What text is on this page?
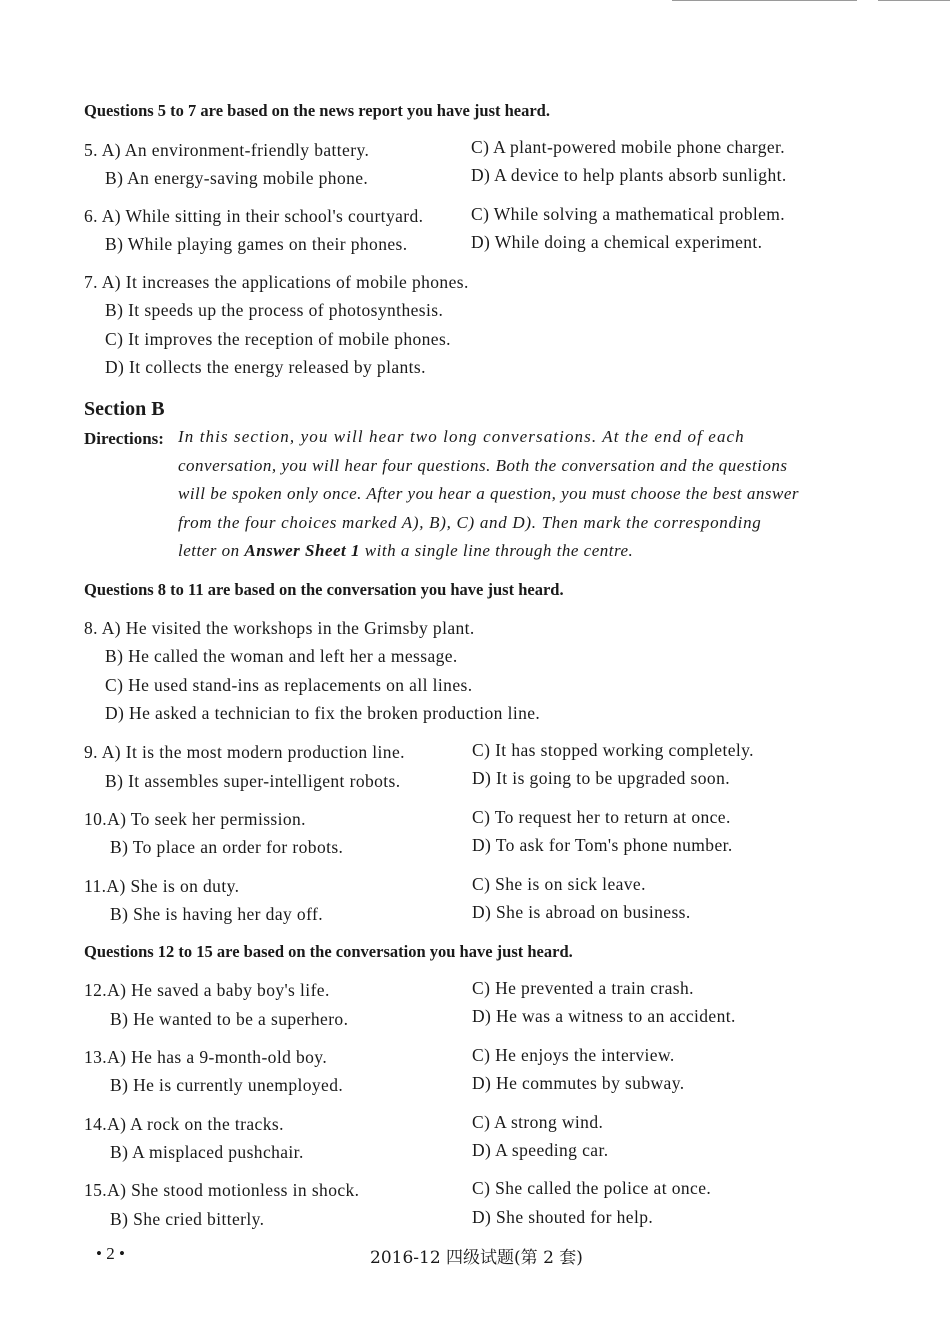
Questions 5 to 7 are based on the news report you have just heard.
5. A) An environment-friendly battery.	C) A plant-powered mobile phone charger.
B) An energy-saving mobile phone.	D) A device to help plants absorb sunlight.
6. A) While sitting in their school's courtyard.	C) While solving a mathematical problem.
B) While playing games on their phones.	D) While doing a chemical experiment.
7. A) It increases the applications of mobile phones.
B) It speeds up the process of photosynthesis.
C) It improves the reception of mobile phones.
D) It collects the energy released by plants.
Section B
Directions: In this section, you will hear two long conversations. At the end of each
conversation, you will hear four questions. Both the conversation and the questions
will be spoken only once. After you hear a question, you must choose the best answer
from the four choices marked A), B), C) and D). Then mark the corresponding
letter on Answer Sheet 1 with a single line through the centre.
Questions 8 to 11 are based on the conversation you have just heard.
8. A) He visited the workshops in the Grimsby plant.
B) He called the woman and left her a message.
C) He used stand-ins as replacements on all lines.
D) He asked a technician to fix the broken production line.
9. A) It is the most modern production line.	C) It has stopped working completely.
B) It assembles super-intelligent robots.	D) It is going to be upgraded soon.
10.A) To seek her permission.	C) To request her to return at once.
B) To place an order for robots.	D) To ask for Tom's phone number.
11.A) She is on duty.	C) She is on sick leave.
B) She is having her day off.	D) She is abroad on business.
Questions 12 to 15 are based on the conversation you have just heard.
12.A) He saved a baby boy's life.	C) He prevented a train crash.
B) He wanted to be a superhero.	D) He was a witness to an accident.
13.A) He has a 9-month-old boy.	C) He enjoys the interview.
B) He is currently unemployed.	D) He commutes by subway.
14.A) A rock on the tracks.	C) A strong wind.
B) A misplaced pushchair.	D) A speeding car.
15.A) She stood motionless in shock.	C) She called the police at once.
B) She cried bitterly.	D) She shouted for help.
• 2 •	2016-12 四级试题(第 2 套)
